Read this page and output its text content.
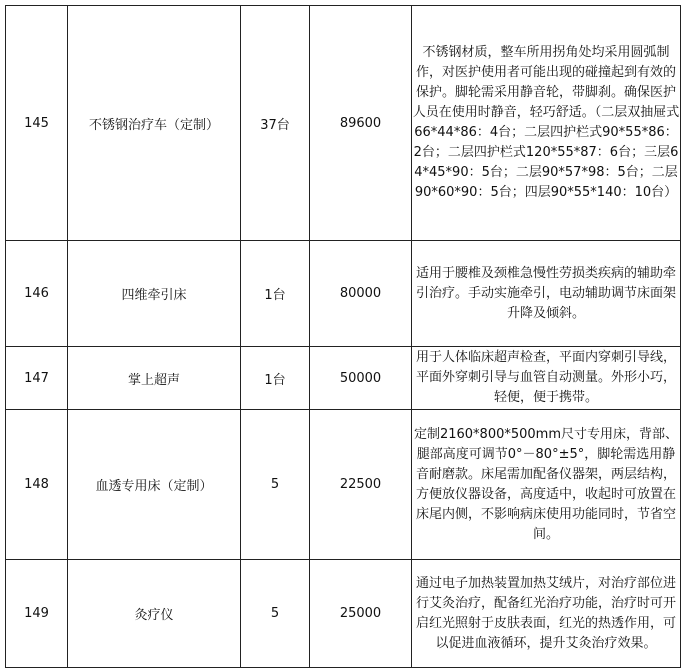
145	不锈钢治疗车（定制）	37台	89600	不锈钢材质，整车所用拐角处均采用圆弧制作，对医护使用者可能出现的碰撞起到有效的保护。脚轮需采用静音轮，带脚刹。确保医护人员在使用时静音，轻巧舒适。（二层双抽屉式66*44*86：4台；二层四护栏式90*55*86：2台；二层四护栏式120*55*87：6台；三层64*45*90：5台；二层90*57*98：5台；二层90*60*90：5台；四层90*55*140：10台）
146	四维牵引床	1台	80000	适用于腰椎及颈椎急慢性劳损类疾病的辅助牵引治疗。手动实施牵引，电动辅助调节床面架升降及倾斜。
147	掌上超声	1台	50000	用于人体临床超声检查，平面内穿刺引导线，平面外穿刺引导与血管自动测量。外形小巧，轻便，便于携带。
148	血透专用床（定制）	5	22500	定制2160*800*500mm尺寸专用床，背部、腿部高度可调节0°－80°±5°，脚轮需选用静音耐磨款。床尾需加配备仪器架，两层结构，方便放仪器设备，高度适中，收起时可放置在床尾内侧，不影响病床使用功能同时，节省空间。
149	灸疗仪	5	25000	通过电子加热装置加热艾绒片，对治疗部位进行艾灸治疗，配备红光治疗功能，治疗时可开启红光照射于皮肤表面，红光的热透作用，可以促进血液循环，提升艾灸治疗效果。
